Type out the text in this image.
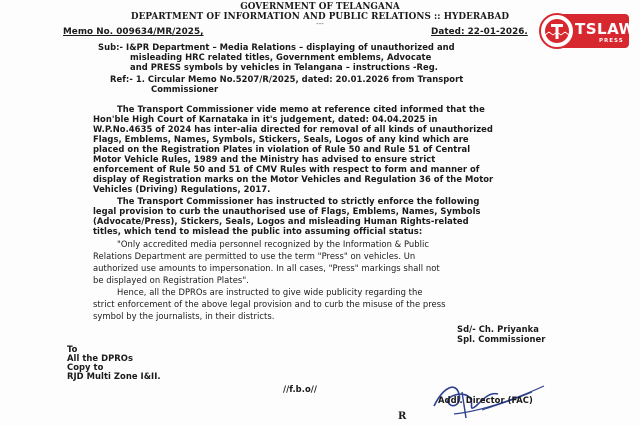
GOVERNMENT OF TELANGANA
DEPARTMENT OF INFORMATION AND PUBLIC RELATIONS :: HYDERABAD
---
Memo No. 009634/MR/2025,	Dated: 22-01-2026.
Sub:- I&PR Department – Media Relations – displaying of unauthorized and
misleading HRC related titles, Government emblems, Advocate
and PRESS symbols by vehicles in Telangana – instructions -Reg.
Ref:- 1. Circular Memo No.5207/R/2025, dated: 20.01.2026 from Transport
Commissioner
The Transport Commissioner vide memo at reference cited informed that the
Hon'ble High Court of Karnataka in it's judgement, dated: 04.04.2025 in
W.P.No.4635 of 2024 has inter-alia directed for removal of all kinds of unauthorized
Flags, Emblems, Names, Symbols, Stickers, Seals, Logos of any kind which are
placed on the Registration Plates in violation of Rule 50 and Rule 51 of Central
Motor Vehicle Rules, 1989 and the Ministry has advised to ensure strict
enforcement of Rule 50 and 51 of CMV Rules with respect to form and manner of
display of Registration marks on the Motor Vehicles and Regulation 36 of the Motor
Vehicles (Driving) Regulations, 2017.
The Transport Commissioner has instructed to strictly enforce the following
legal provision to curb the unauthorised use of Flags, Emblems, Names, Symbols
(Advocate/Press), Stickers, Seals, Logos and misleading Human Rights-related
titles, which tend to mislead the public into assuming official status:
"Only accredited media personnel recognized by the Information & Public
Relations Department are permitted to use the term "Press" on vehicles. Un
authorized use amounts to impersonation. In all cases, "Press" markings shall not
be displayed on Registration Plates".
Hence, all the DPROs are instructed to give wide publicity regarding the
strict enforcement of the above legal provision and to curb the misuse of the press
symbol by the journalists, in their districts.
Sd/- Ch. Priyanka
Spl. Commissioner
To
All the DPROs
Copy to
RJD Multi Zone I&II.
//f.b.o//
Addl. Director (FAC)
R
TSLAW
PRESS
